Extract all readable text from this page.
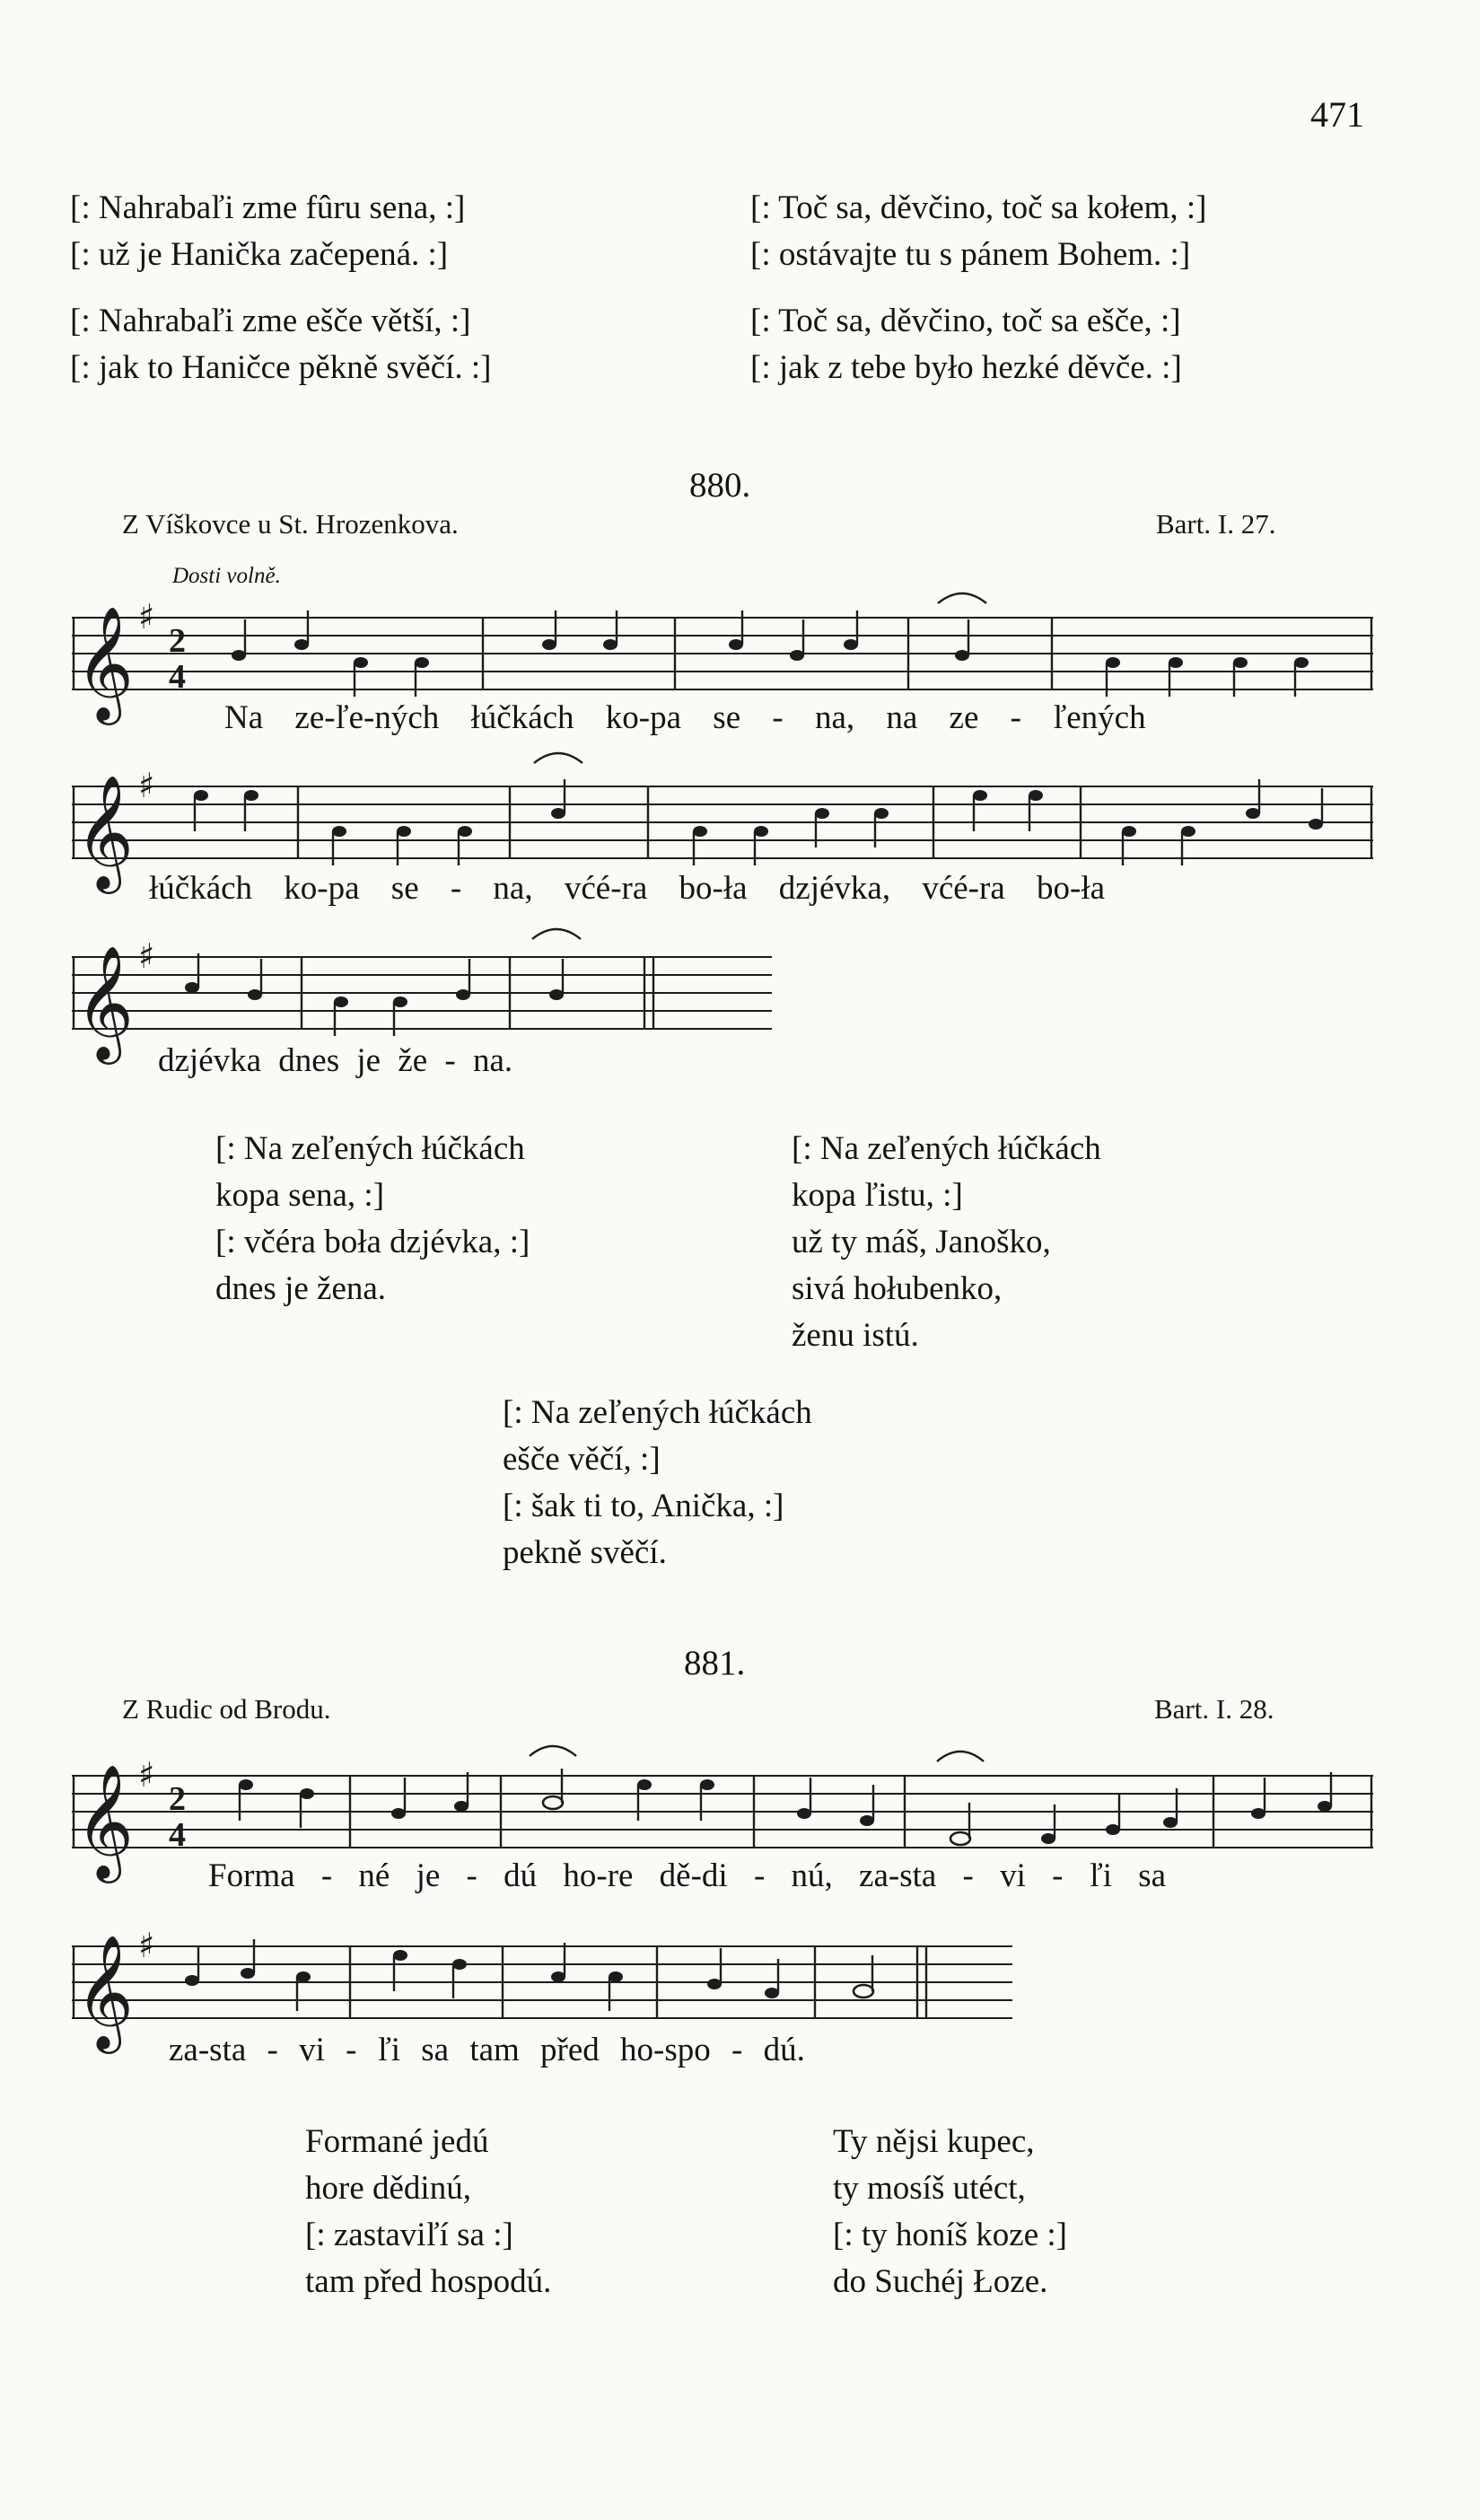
471
[: Nahrabaľi zme fûru sena, :]
[: už je Hanička začepená. :]
[: Nahrabaľi zme ešče větší, :]
[: jak to Haničce pěkně svěčí. :]
[: Toč sa, děvčino, toč sa kołem, :]
[: ostávajte tu s pánem Bohem. :]
[: Toč sa, děvčino, toč sa ešče, :]
[: jak z tebe było hezké děvče. :]
880.
Z Víškovce u St. Hrozenkova.	Bart. I. 27.
Dosti volně.
𝄞 ♯
2
4
Na ze-ľe-ných łúčkách ko-pa se - na, na ze - ľených
𝄞 ♯
łúčkách ko-pa se - na, vćé-ra bo-ła dzjévka, vćé-ra bo-ła
𝄞 ♯
dzjévka dnes je že - na.
[: Na zeľených łúčkách
kopa sena, :]
[: včéra boła dzjévka, :]
dnes je žena.
[: Na zeľených łúčkách
kopa ľistu, :]
už ty máš, Janoško,
sivá hołubenko,
ženu istú.
[: Na zeľených łúčkách
ešče věčí, :]
[: šak ti to, Anička, :]
pekně svěčí.
881.
Z Rudic od Brodu.	Bart. I. 28.
𝄞 ♯
2
4
Forma - né je - dú ho-re dě-di - nú, za-sta - vi - ľi sa
𝄞 ♯
za-sta - vi - ľi sa tam před ho-spo - dú.
Formané jedú
hore dědinú,
[: zastaviľí sa :]
tam před hospodú.
Ty nějsi kupec,
ty mosíš utéct,
[: ty honíš koze :]
do Suchéj Łoze.
